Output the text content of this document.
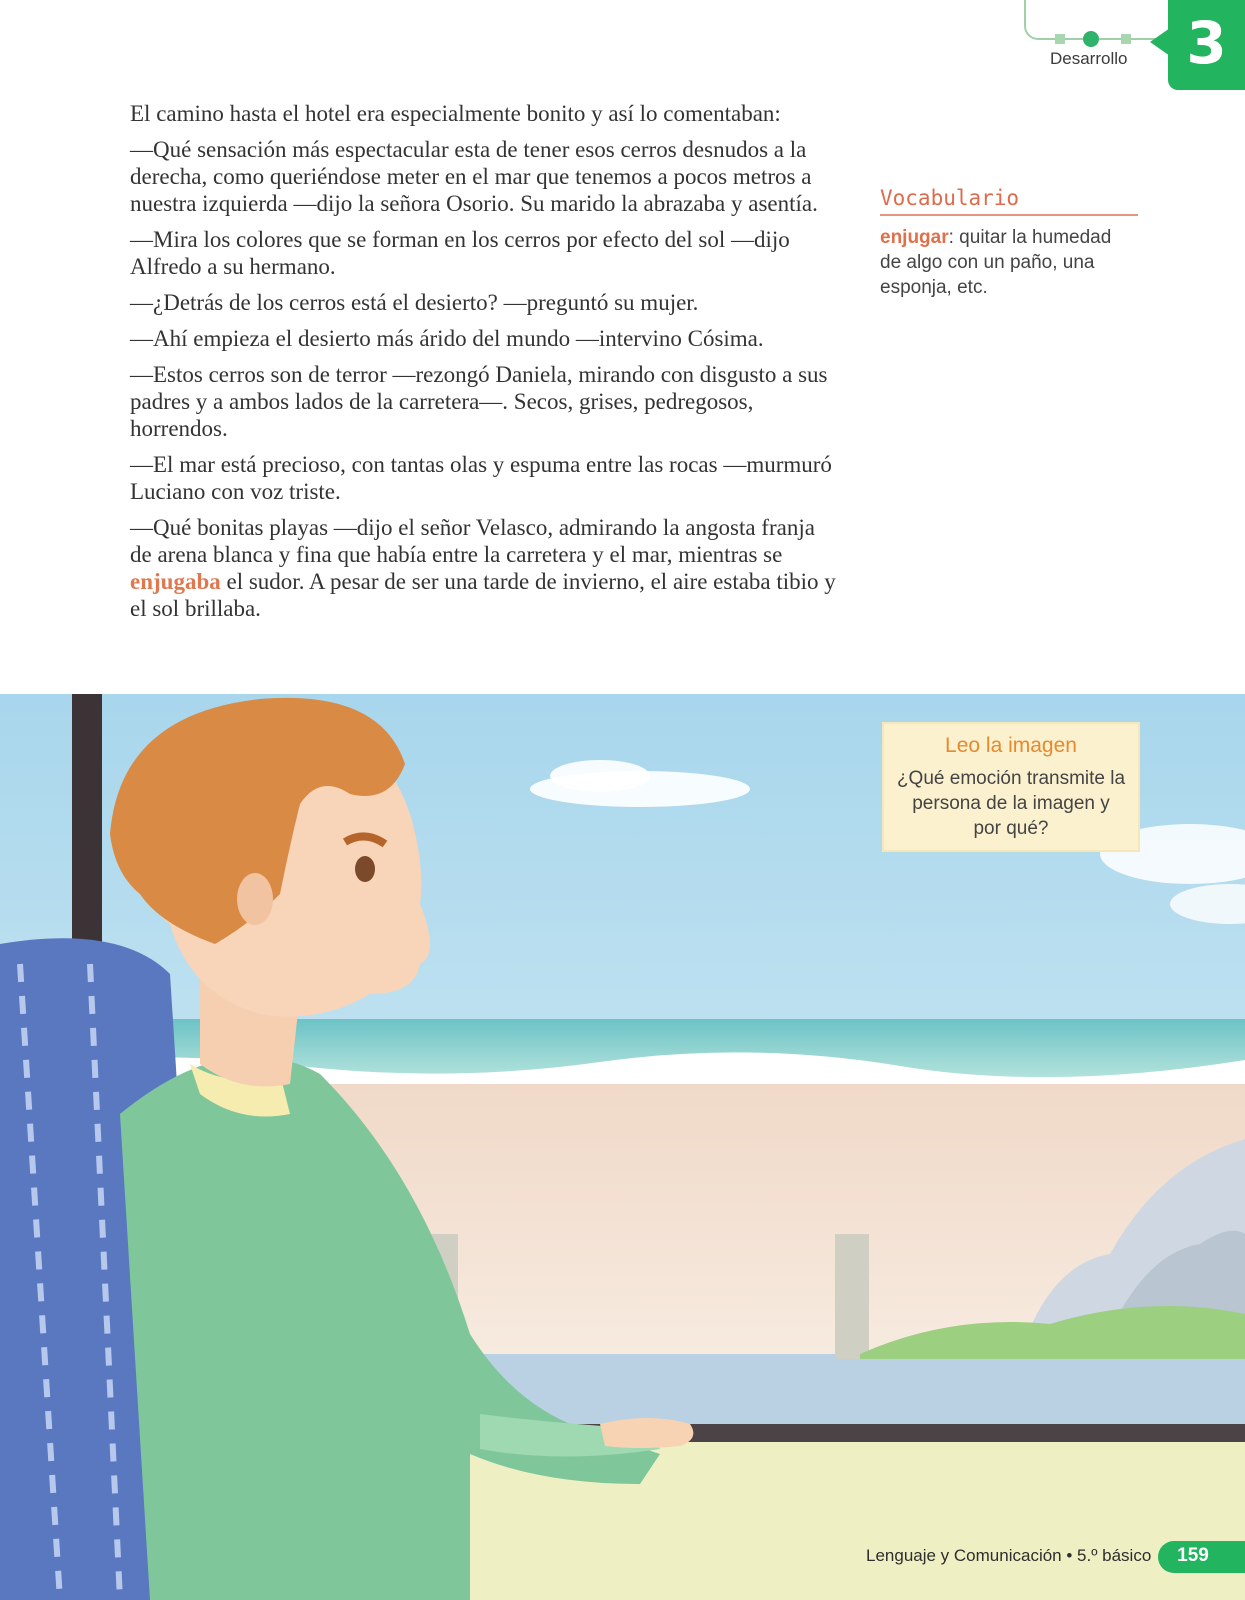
Desarrollo	3

El camino hasta el hotel era especialmente bonito y así lo comentaban:

—Qué sensación más espectacular esta de tener esos cerros desnudos a la derecha, como queriéndose meter en el mar que tenemos a pocos metros a nuestra izquierda —dijo la señora Osorio. Su marido la abrazaba y asentía.

—Mira los colores que se forman en los cerros por efecto del sol —dijo Alfredo a su hermano.

—¿Detrás de los cerros está el desierto? —preguntó su mujer.

—Ahí empieza el desierto más árido del mundo —intervino Cósima.

—Estos cerros son de terror —rezongó Daniela, mirando con disgusto a sus padres y a ambos lados de la carretera—. Secos, grises, pedregosos, horrendos.

—El mar está precioso, con tantas olas y espuma entre las rocas —murmuró Luciano con voz triste.

—Qué bonitas playas —dijo el señor Velasco, admirando la angosta franja de arena blanca y fina que había entre la carretera y el mar, mientras se enjugaba el sudor. A pesar de ser una tarde de invierno, el aire estaba tibio y el sol brillaba.

Vocabulario
enjugar: quitar la humedad de algo con un paño, una esponja, etc.
Leo la imagen
¿Qué emoción transmite la persona de la imagen y por qué?
Lenguaje y Comunicación • 5.º básico	159
